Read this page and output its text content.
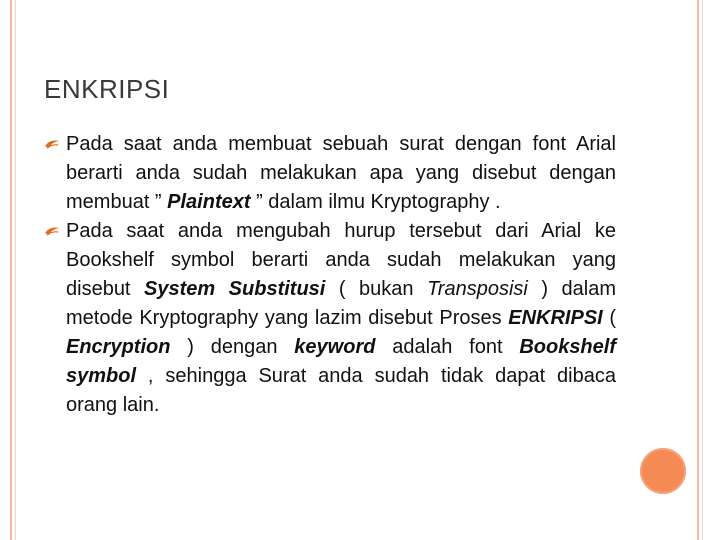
ENKRIPSI
Pada saat anda membuat sebuah surat dengan font Arial berarti anda sudah melakukan apa yang disebut dengan membuat ” Plaintext ” dalam ilmu Kryptography .
Pada saat anda mengubah hurup tersebut dari Arial ke Bookshelf symbol berarti anda sudah melakukan yang disebut System Substitusi ( bukan Transposisi ) dalam metode Kryptography yang lazim disebut Proses ENKRIPSI ( Encryption ) dengan keyword adalah font Bookshelf symbol , sehingga Surat anda sudah tidak dapat dibaca orang lain.
